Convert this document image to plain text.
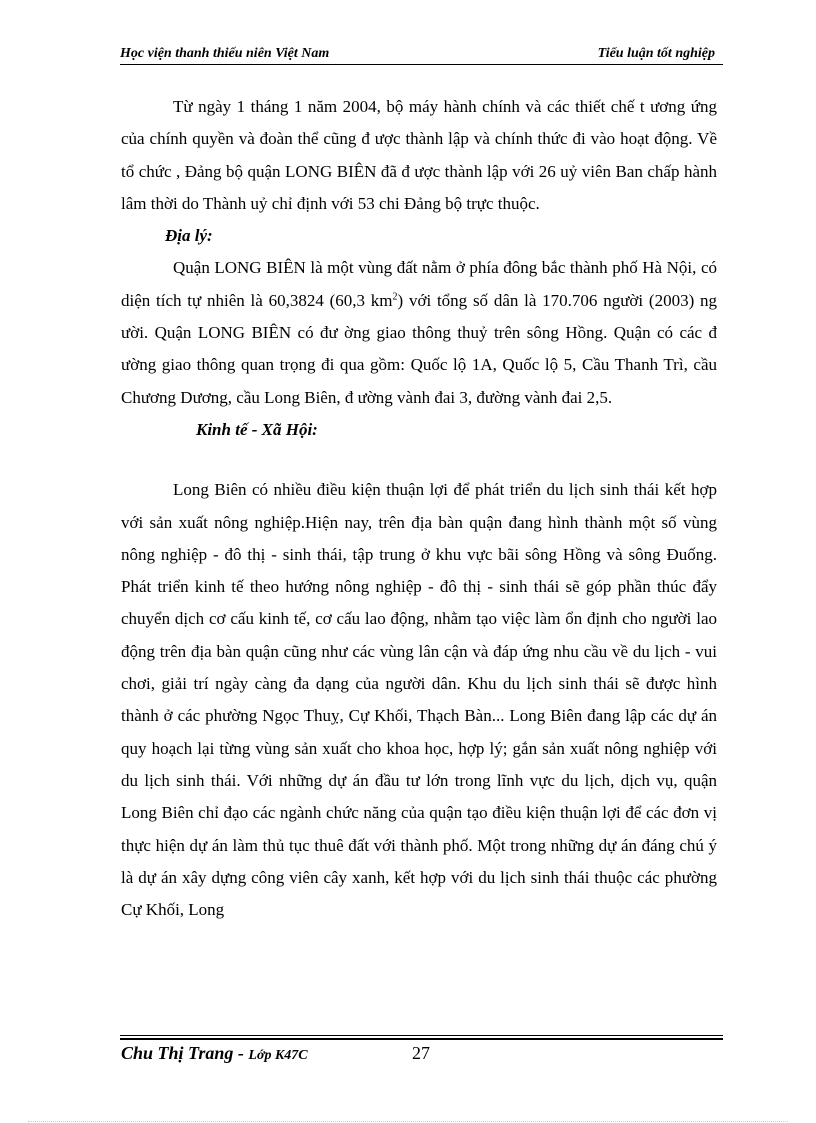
Học viện thanh thiếu niên Việt Nam	Tiểu luận tốt nghiệp

Từ ngày 1 tháng 1 năm 2004, bộ máy hành chính và các thiết chế t ương ứng của chính quyền và đoàn thể cũng đ ược thành lập và chính thức đi vào hoạt động. Về tổ chức , Đảng bộ quận LONG BIÊN đã đ ược thành lập với 26 uỷ viên Ban chấp hành lâm thời do Thành uỷ chỉ định với 53 chi Đảng bộ trực thuộc.

Địa lý:

Quận LONG BIÊN là một vùng đất nằm ở phía đông bắc thành phố Hà Nội, có diện tích tự nhiên là 60,3824 (60,3 $km^2$) với tổng số dân là 170.706 người (2003) ng ười. Quận LONG BIÊN có đư ờng giao thông thuỷ trên sông Hồng. Quận có các đ ường giao thông quan trọng đi qua gồm: Quốc lộ 1A, Quốc lộ 5, Cầu Thanh Trì, cầu Chương Dương, cầu Long Biên, đ ường vành đai 3, đường vành đai 2,5.

Kinh tế - Xã Hội:

Long Biên có nhiều điều kiện thuận lợi để phát triển du lịch sinh thái kết hợp với sản xuất nông nghiệp.Hiện nay, trên địa bàn quận đang hình thành một số vùng nông nghiệp - đô thị - sinh thái, tập trung ở khu vực bãi sông Hồng và sông Đuống. Phát triển kinh tế theo hướng nông nghiệp - đô thị - sinh thái sẽ góp phần thúc đẩy chuyển dịch cơ cấu kinh tế, cơ cấu lao động, nhằm tạo việc làm ổn định cho người lao động trên địa bàn quận cũng như các vùng lân cận và đáp ứng nhu cầu về du lịch - vui chơi, giải trí ngày càng đa dạng của người dân. Khu du lịch sinh thái sẽ được hình thành ở các phường Ngọc Thuỵ, Cự Khối, Thạch Bàn... Long Biên đang lập các dự án quy hoạch lại từng vùng sản xuất cho khoa học, hợp lý; gắn sản xuất nông nghiệp với du lịch sinh thái. Với những dự án đầu tư lớn trong lĩnh vực du lịch, dịch vụ, quận Long Biên chỉ đạo các ngành chức năng của quận tạo điều kiện thuận lợi để các đơn vị thực hiện dự án làm thủ tục thuê đất với thành phố. Một trong những dự án đáng chú ý là dự án xây dựng công viên cây xanh, kết hợp với du lịch sinh thái thuộc các phường Cự Khối, Long

Chu Thị Trang - Lớp K47C	27
